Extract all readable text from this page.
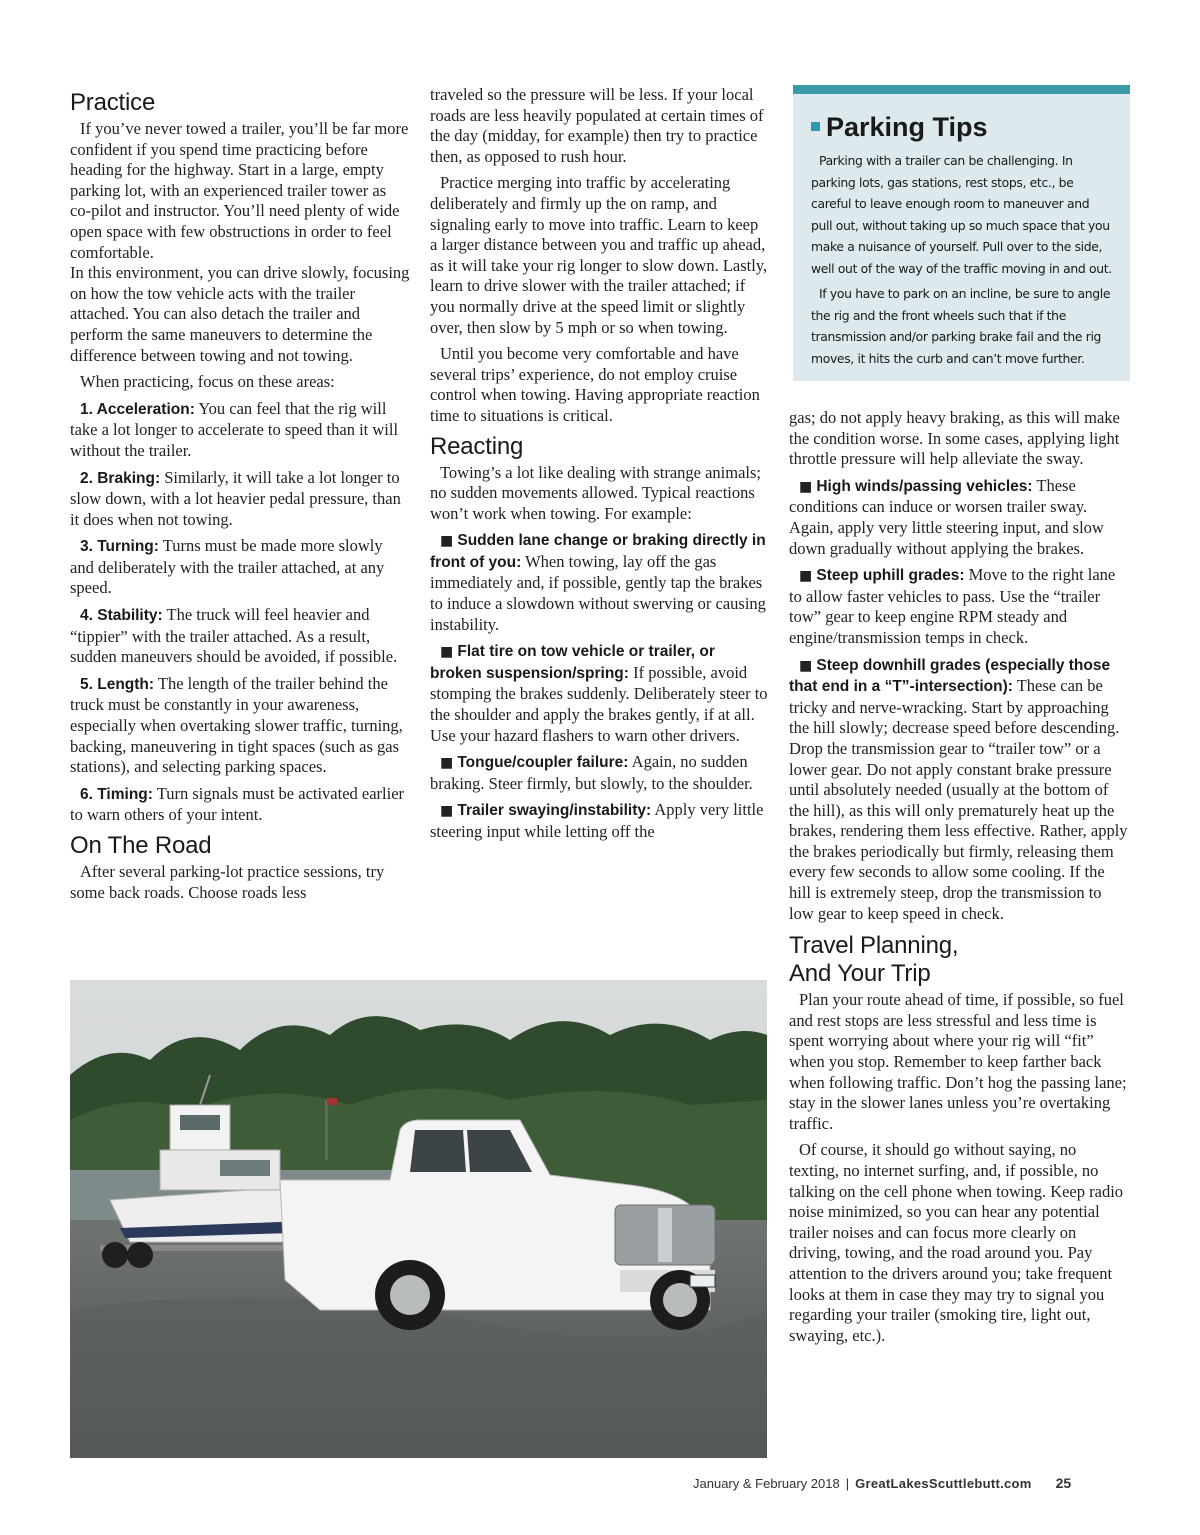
Practice

If you’ve never towed a trailer, you’ll be far more confident if you spend time practicing before heading for the highway. Start in a large, empty parking lot, with an experienced trailer tower as co-pilot and instructor. You’ll need plenty of wide open space with few obstructions in order to feel comfortable.

In this environment, you can drive slowly, focusing on how the tow vehicle acts with the trailer attached. You can also detach the trailer and perform the same maneuvers to determine the difference between towing and not towing.

When practicing, focus on these areas:

1. Acceleration: You can feel that the rig will take a lot longer to accelerate to speed than it will without the trailer.

2. Braking: Similarly, it will take a lot longer to slow down, with a lot heavier pedal pressure, than it does when not towing.

3. Turning: Turns must be made more slowly and deliberately with the trailer attached, at any speed.

4. Stability: The truck will feel heavier and “tippier” with the trailer attached. As a result, sudden maneuvers should be avoided, if possible.

5. Length: The length of the trailer behind the truck must be constantly in your awareness, especially when overtaking slower traffic, turning, backing, maneuvering in tight spaces (such as gas stations), and selecting parking spaces.

6. Timing: Turn signals must be activated earlier to warn others of your intent.

On The Road

After several parking-lot practice sessions, try some back roads. Choose roads less

traveled so the pressure will be less. If your local roads are less heavily populated at certain times of the day (midday, for example) then try to practice then, as opposed to rush hour.

Practice merging into traffic by accelerating deliberately and firmly up the on ramp, and signaling early to move into traffic. Learn to keep a larger distance between you and traffic up ahead, as it will take your rig longer to slow down. Lastly, learn to drive slower with the trailer attached; if you normally drive at the speed limit or slightly over, then slow by 5 mph or so when towing.

Until you become very comfortable and have several trips’ experience, do not employ cruise control when towing. Having appropriate reaction time to situations is critical.

Reacting

Towing’s a lot like dealing with strange animals; no sudden movements allowed. Typical reactions won’t work when towing. For example:

■ Sudden lane change or braking directly in front of you: When towing, lay off the gas immediately and, if possible, gently tap the brakes to induce a slowdown without swerving or causing instability.

■ Flat tire on tow vehicle or trailer, or broken suspension/spring: If possible, avoid stomping the brakes suddenly. Deliberately steer to the shoulder and apply the brakes gently, if at all. Use your hazard flashers to warn other drivers.

■ Tongue/coupler failure: Again, no sudden braking. Steer firmly, but slowly, to the shoulder.

■ Trailer swaying/instability: Apply very little steering input while letting off the

Parking Tips

Parking with a trailer can be challenging. In parking lots, gas stations, rest stops, etc., be careful to leave enough room to maneuver and pull out, without taking up so much space that you make a nuisance of yourself. Pull over to the side, well out of the way of the traffic moving in and out.

If you have to park on an incline, be sure to angle the rig and the front wheels such that if the transmission and/or parking brake fail and the rig moves, it hits the curb and can’t move further.

gas; do not apply heavy braking, as this will make the condition worse. In some cases, applying light throttle pressure will help alleviate the sway.

■ High winds/passing vehicles: These conditions can induce or worsen trailer sway. Again, apply very little steering input, and slow down gradually without applying the brakes.

■ Steep uphill grades: Move to the right lane to allow faster vehicles to pass. Use the “trailer tow” gear to keep engine RPM steady and engine/transmission temps in check.

■ Steep downhill grades (especially those that end in a “T”-intersection): These can be tricky and nerve-wracking. Start by approaching the hill slowly; decrease speed before descending. Drop the transmission gear to “trailer tow” or a lower gear. Do not apply constant brake pressure until absolutely needed (usually at the bottom of the hill), as this will only prematurely heat up the brakes, rendering them less effective. Rather, apply the brakes periodically but firmly, releasing them every few seconds to allow some cooling. If the hill is extremely steep, drop the transmission to low gear to keep speed in check.

Travel Planning,
And Your Trip

Plan your route ahead of time, if possible, so fuel and rest stops are less stressful and less time is spent worrying about where your rig will “fit” when you stop. Remember to keep farther back when following traffic. Don’t hog the passing lane; stay in the slower lanes unless you’re overtaking traffic.

Of course, it should go without saying, no texting, no internet surfing, and, if possible, no talking on the cell phone when towing. Keep radio noise minimized, so you can hear any potential trailer noises and can focus more clearly on driving, towing, and the road around you. Pay attention to the drivers around you; take frequent looks at them in case they may try to signal you regarding your trailer (smoking tire, light out, swaying, etc.).

January & February 2018 | GreatLakesScuttlebutt.com 25
